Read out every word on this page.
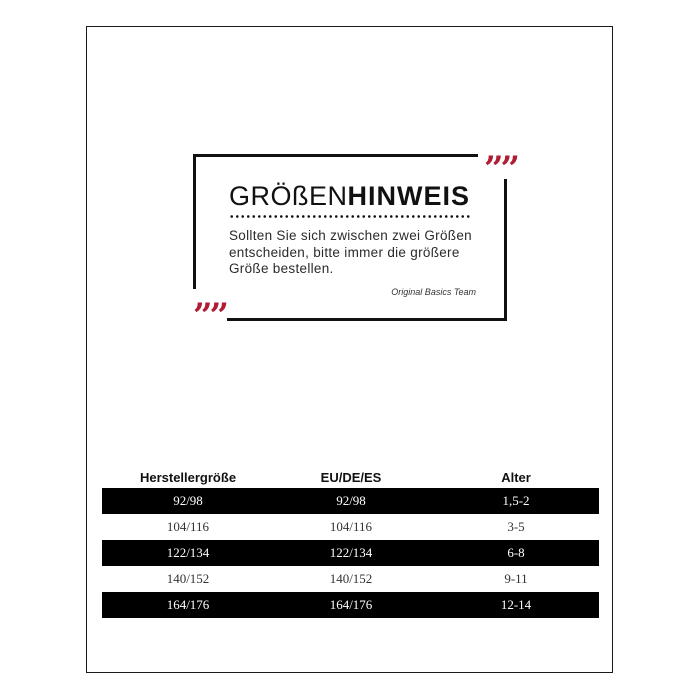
””
””
GRÖßENHINWEIS
Sollten Sie sich zwischen zwei Größen entscheiden, bitte immer die größere Größe bestellen.
Original Basics Team
Herstellergröße	EU/DE/ES	Alter
92/98	92/98	1,5-2
104/116	104/116	3-5
122/134	122/134	6-8
140/152	140/152	9-11
164/176	164/176	12-14
